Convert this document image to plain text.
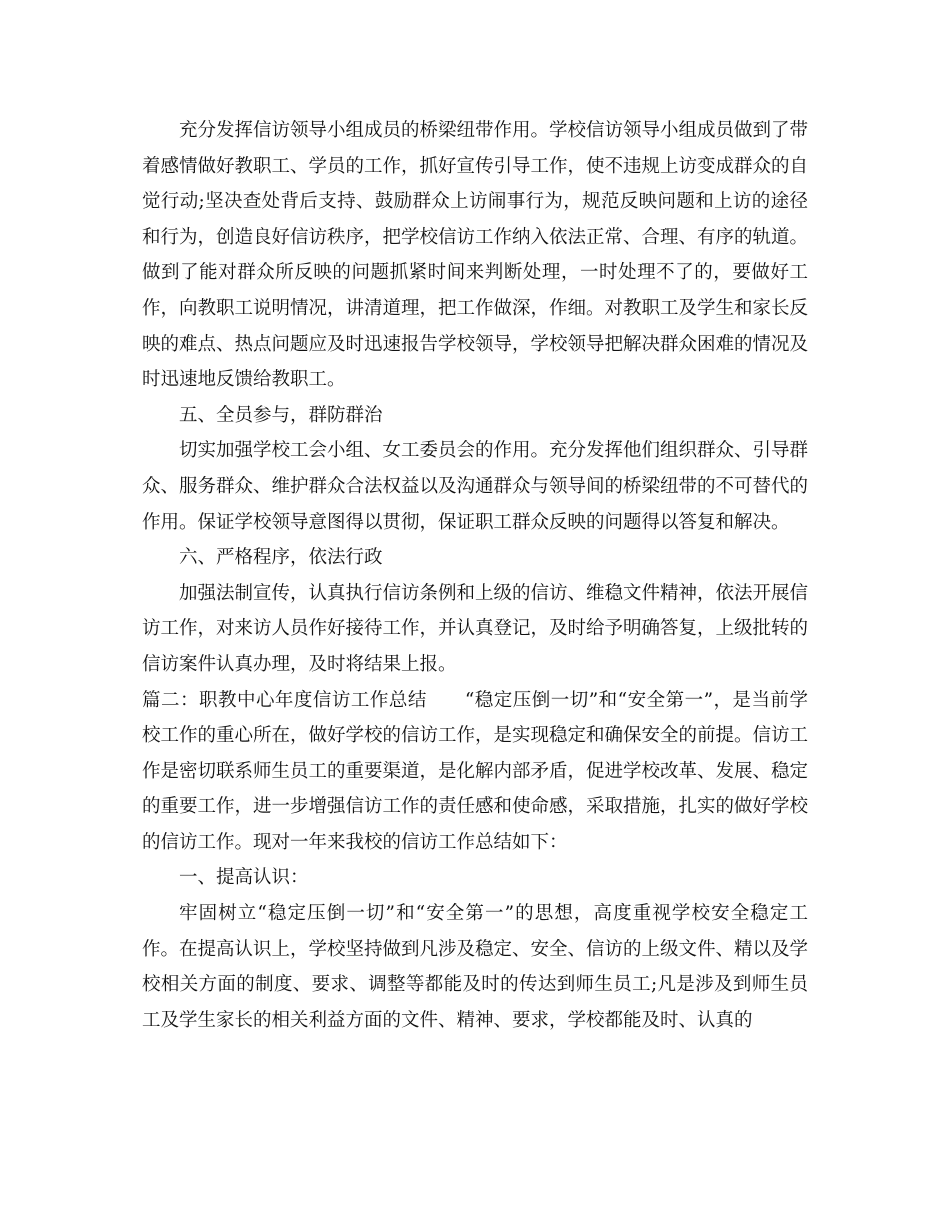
充分发挥信访领导小组成员的桥梁纽带作用。学校信访领导小组成员做到了带着感情做好教职工、学员的工作，抓好宣传引导工作，使不违规上访变成群众的自觉行动;坚决查处背后支持、鼓励群众上访闹事行为，规范反映问题和上访的途径和行为，创造良好信访秩序，把学校信访工作纳入依法正常、合理、有序的轨道。做到了能对群众所反映的问题抓紧时间来判断处理，一时处理不了的，要做好工作，向教职工说明情况，讲清道理，把工作做深，作细。对教职工及学生和家长反映的难点、热点问题应及时迅速报告学校领导，学校领导把解决群众困难的情况及时迅速地反馈给教职工。

五、全员参与，群防群治

切实加强学校工会小组、女工委员会的作用。充分发挥他们组织群众、引导群众、服务群众、维护群众合法权益以及沟通群众与领导间的桥梁纽带的不可替代的作用。保证学校领导意图得以贯彻，保证职工群众反映的问题得以答复和解决。

六、严格程序，依法行政

加强法制宣传，认真执行信访条例和上级的信访、维稳文件精神，依法开展信访工作，对来访人员作好接待工作，并认真登记，及时给予明确答复，上级批转的信访案件认真办理，及时将结果上报。

篇二：职教中心年度信访工作总结　　“稳定压倒一切”和“安全第一”，是当前学校工作的重心所在，做好学校的信访工作，是实现稳定和确保安全的前提。信访工作是密切联系师生员工的重要渠道，是化解内部矛盾，促进学校改革、发展、稳定的重要工作，进一步增强信访工作的责任感和使命感，采取措施，扎实的做好学校的信访工作。现对一年来我校的信访工作总结如下：

一、提高认识：

牢固树立“稳定压倒一切”和“安全第一”的思想，高度重视学校安全稳定工作。在提高认识上，学校坚持做到凡涉及稳定、安全、信访的上级文件、精以及学校相关方面的制度、要求、调整等都能及时的传达到师生员工;凡是涉及到师生员工及学生家长的相关利益方面的文件、精神、要求，学校都能及时、认真的
